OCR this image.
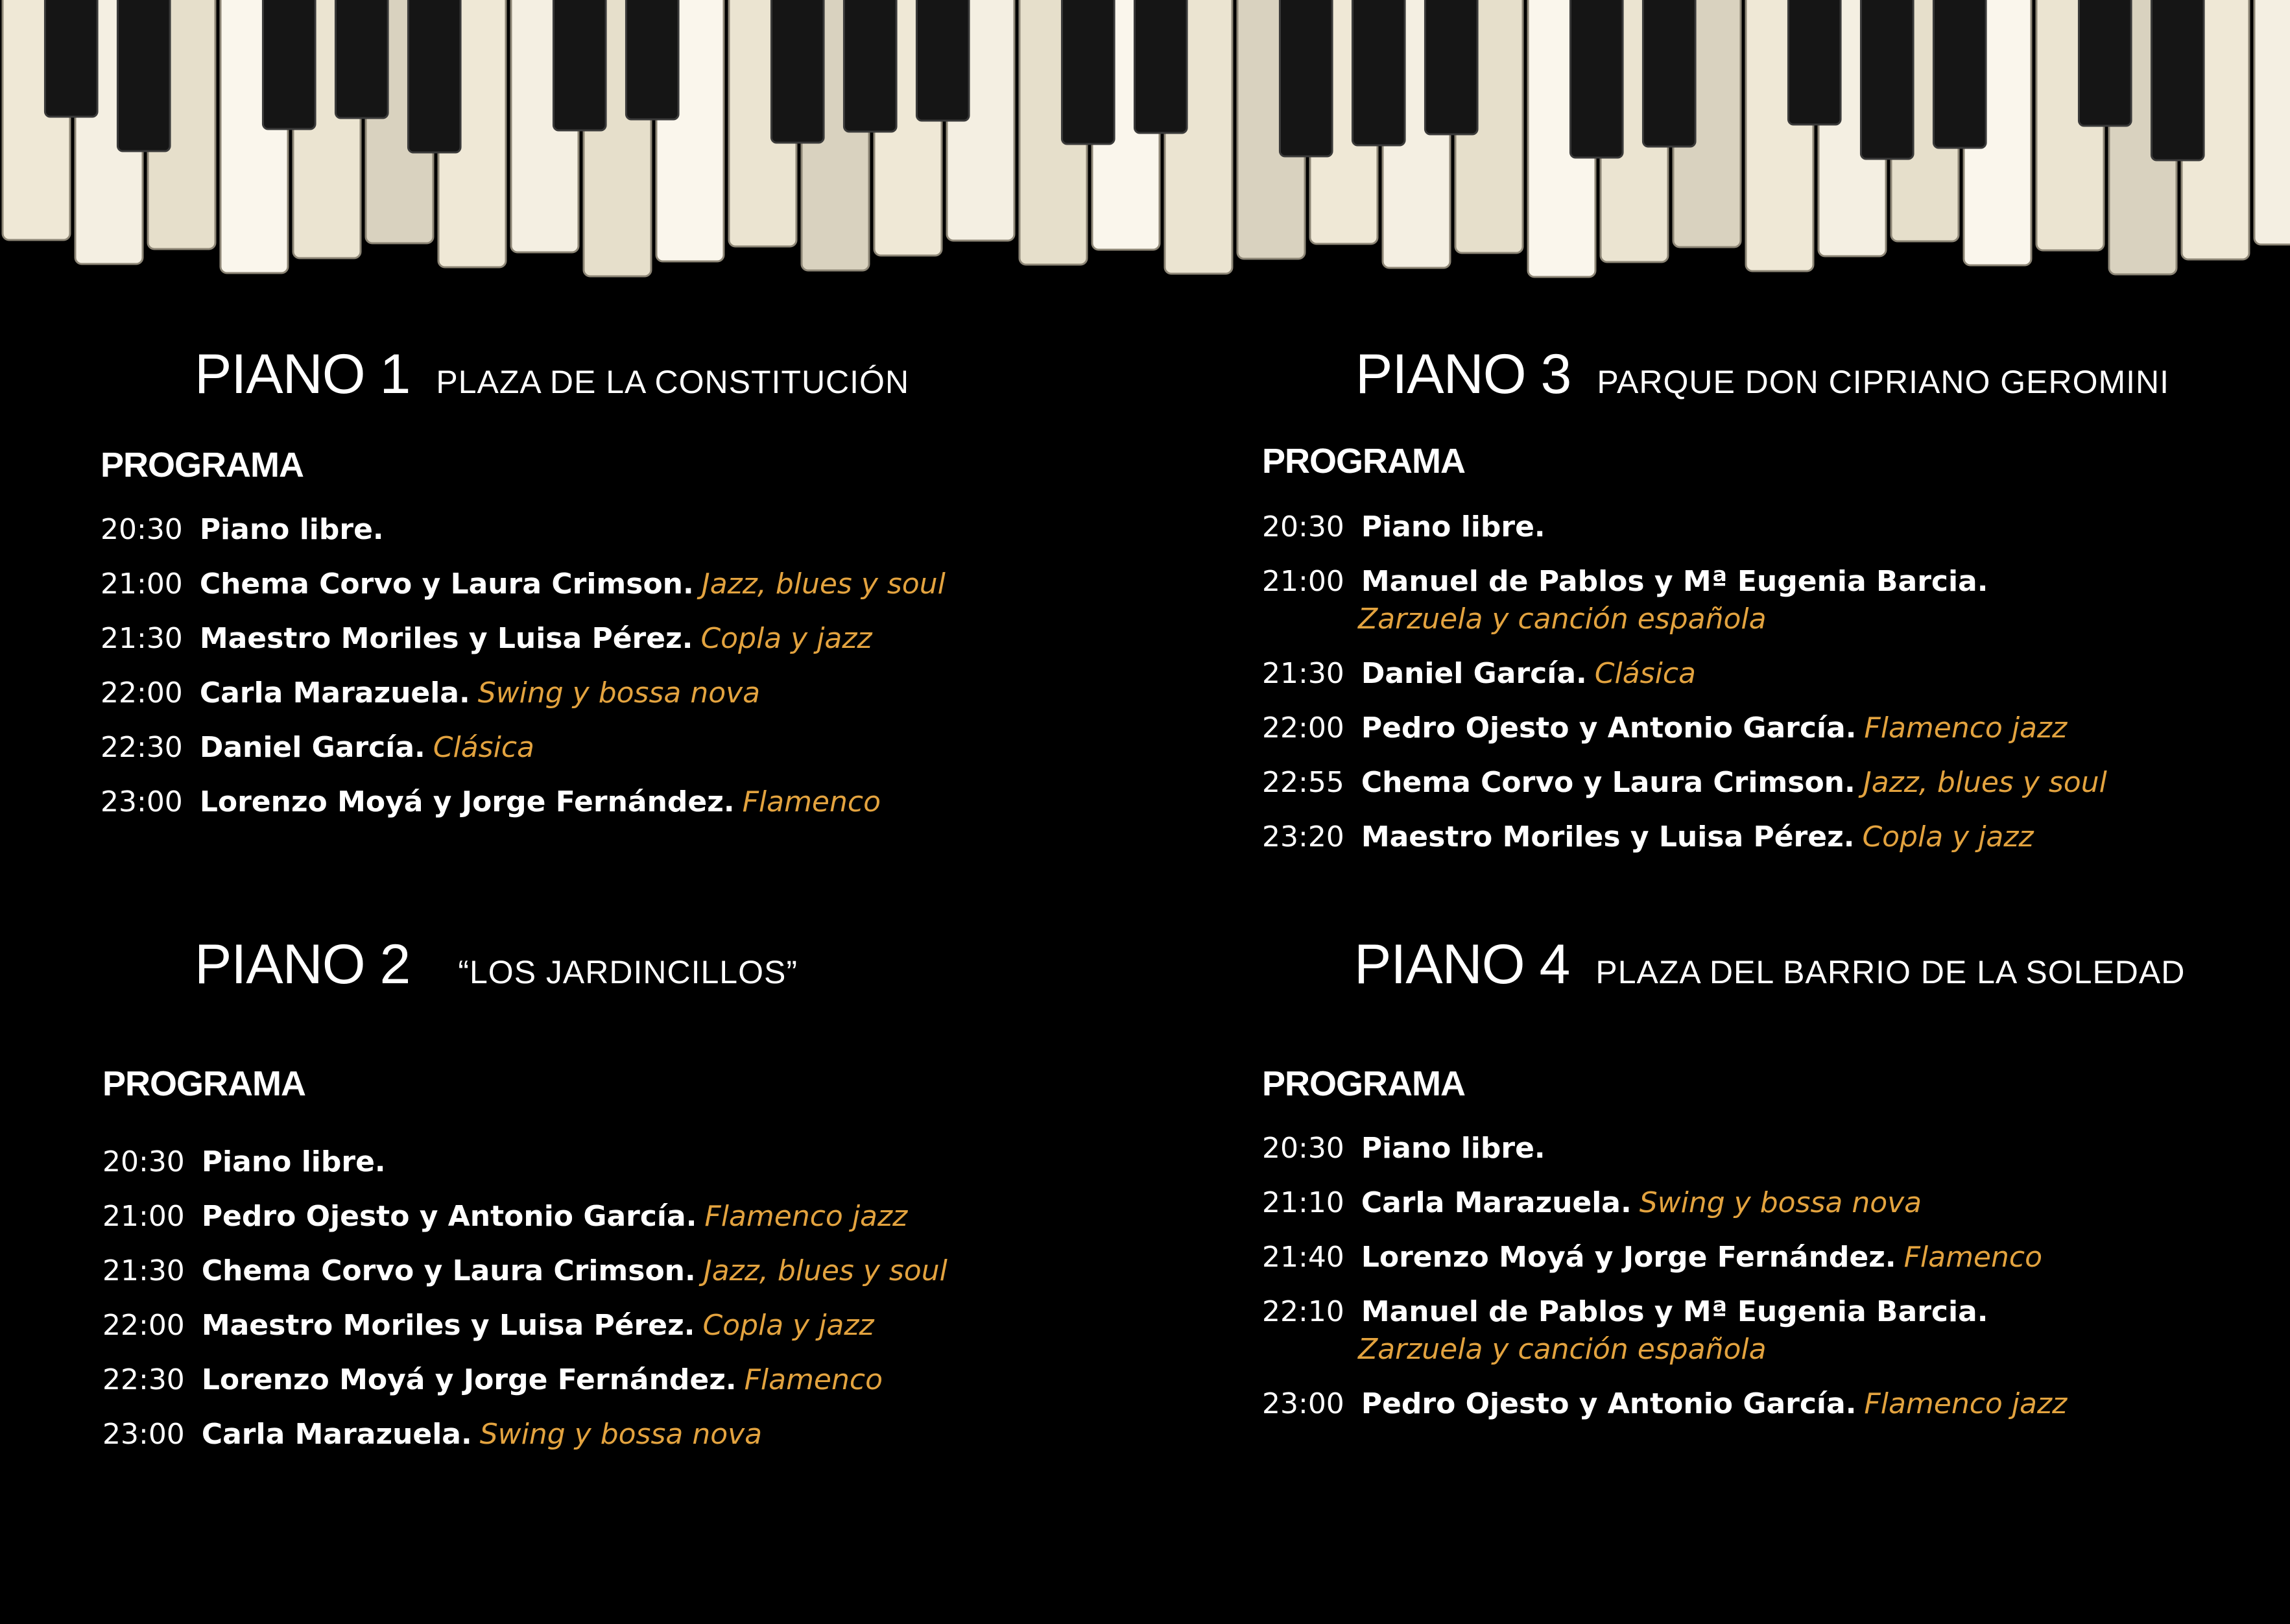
PIANO 1 PLAZA DE LA CONSTITUCIÓN
PROGRAMA
20:30 Piano libre.
21:00 Chema Corvo y Laura Crimson. Jazz, blues y soul
21:30 Maestro Moriles y Luisa Pérez. Copla y jazz
22:00 Carla Marazuela. Swing y bossa nova
22:30 Daniel García. Clásica
23:00 Lorenzo Moyá y Jorge Fernández. Flamenco
PIANO 2 “LOS JARDINCILLOS”
PROGRAMA
20:30 Piano libre.
21:00 Pedro Ojesto y Antonio García. Flamenco jazz
21:30 Chema Corvo y Laura Crimson. Jazz, blues y soul
22:00 Maestro Moriles y Luisa Pérez. Copla y jazz
22:30 Lorenzo Moyá y Jorge Fernández. Flamenco
23:00 Carla Marazuela. Swing y bossa nova
PIANO 3 PARQUE DON CIPRIANO GEROMINI
PROGRAMA
20:30 Piano libre.
21:00 Manuel de Pablos y Mª Eugenia Barcia.
Zarzuela y canción española
21:30 Daniel García. Clásica
22:00 Pedro Ojesto y Antonio García. Flamenco jazz
22:55 Chema Corvo y Laura Crimson. Jazz, blues y soul
23:20 Maestro Moriles y Luisa Pérez. Copla y jazz
PIANO 4 PLAZA DEL BARRIO DE LA SOLEDAD
PROGRAMA
20:30 Piano libre.
21:10 Carla Marazuela. Swing y bossa nova
21:40 Lorenzo Moyá y Jorge Fernández. Flamenco
22:10 Manuel de Pablos y Mª Eugenia Barcia.
Zarzuela y canción española
23:00 Pedro Ojesto y Antonio García. Flamenco jazz
